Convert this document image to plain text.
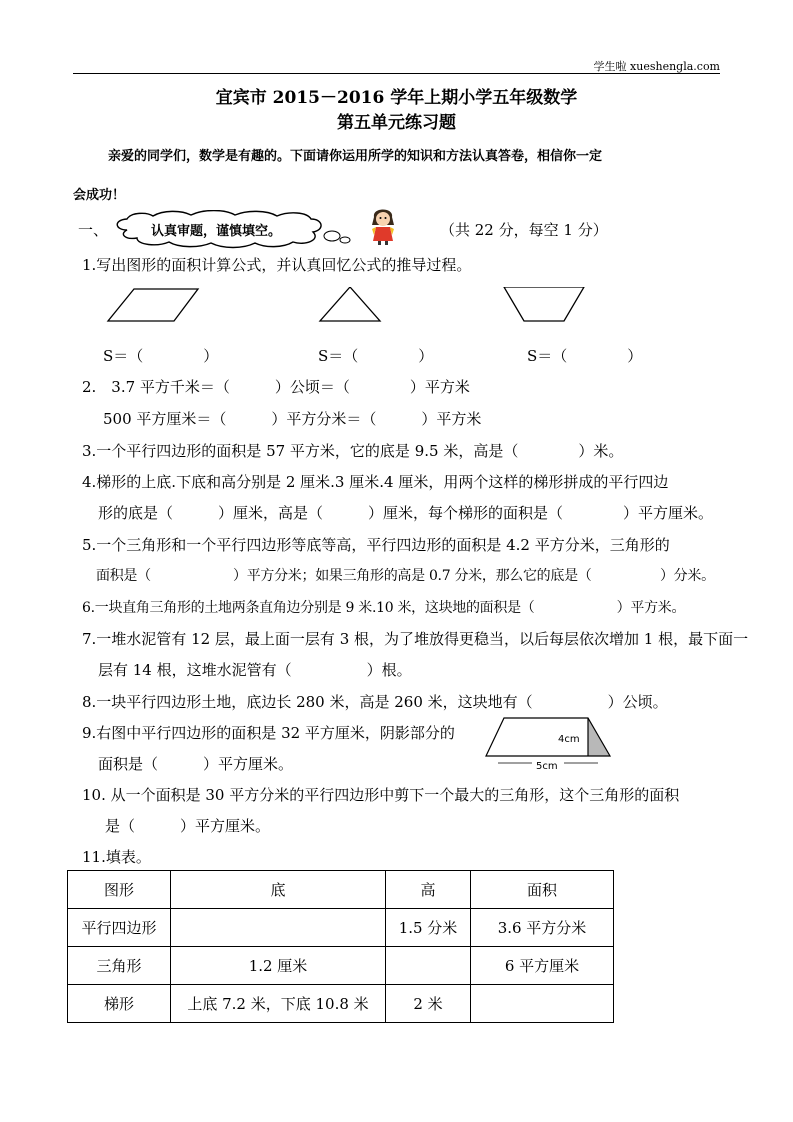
学生啦 xueshengla.com
宜宾市 2015－2016 学年上期小学五年级数学
第五单元练习题
亲爱的同学们，数学是有趣的。下面请你运用所学的知识和方法认真答卷，相信你一定
会成功！
一、	认真审题，谨慎填空。	（共 22 分，每空 1 分）
1.写出图形的面积计算公式，并认真回忆公式的推导过程。
S＝（　　　　）	S＝（　　　　）	S＝（　　　　）
2.　3.7 平方千米＝（　　　）公顷＝（　　　　）平方米
500 平方厘米＝（　　　）平方分米＝（　　　）平方米
3.一个平行四边形的面积是 57 平方米，它的底是 9.5 米，高是（　　　　）米。
4.梯形的上底.下底和高分别是 2 厘米.3 厘米.4 厘米，用两个这样的梯形拼成的平行四边
形的底是（　　　）厘米，高是（　　　）厘米，每个梯形的面积是（　　　　）平方厘米。
5.一个三角形和一个平行四边形等底等高，平行四边形的面积是 4.2 平方分米，三角形的
面积是（　　　　　　）平方分米；如果三角形的高是 0.7 分米，那么它的底是（　　　　　）分米。
6.一块直角三角形的土地两条直角边分别是 9 米.10 米，这块地的面积是（　　　　　　）平方米。
7.一堆水泥管有 12 层，最上面一层有 3 根，为了堆放得更稳当，以后每层依次增加 1 根，最下面一
层有 14 根，这堆水泥管有（　　　　　）根。
8.一块平行四边形土地，底边长 280 米，高是 260 米，这块地有（　　　　　）公顷。
9.右图中平行四边形的面积是 32 平方厘米，阴影部分的
面积是（　　　）平方厘米。
4cm
5cm
10. 从一个面积是 30 平方分米的平行四边形中剪下一个最大的三角形，这个三角形的面积
是（　　　）平方厘米。
11.填表。
图形	底	高	面积
平行四边形		1.5 分米	3.6 平方分米
三角形	1.2 厘米		6 平方厘米
梯形	上底 7.2 米，下底 10.8 米	2 米	
